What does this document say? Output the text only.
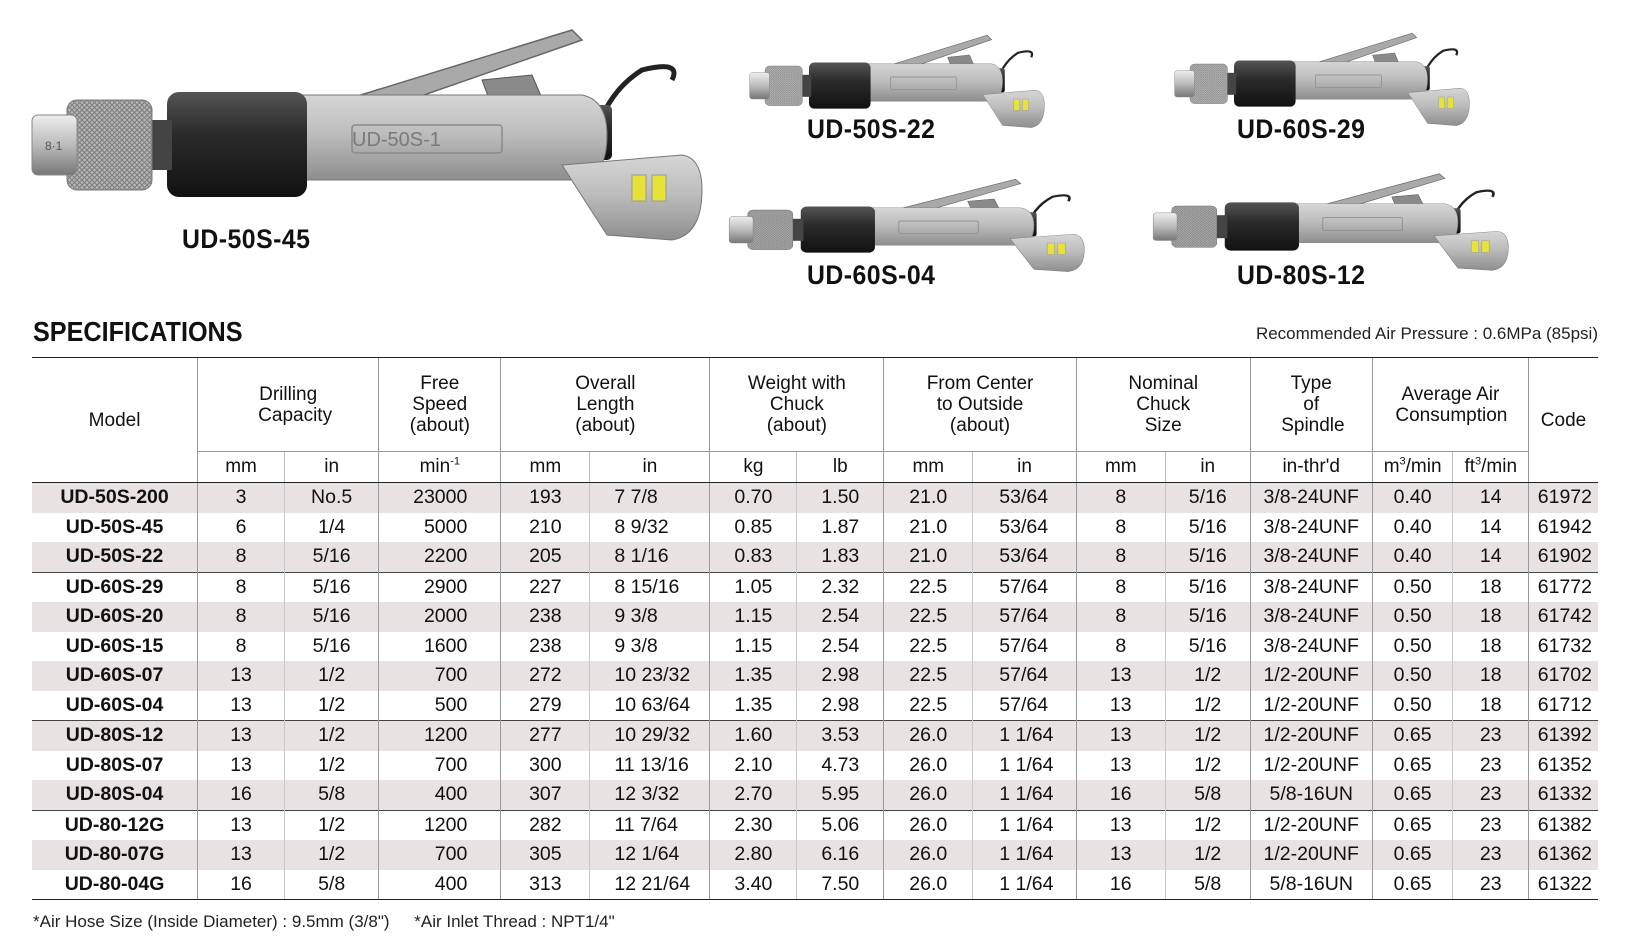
UD-50S-1
8·1
UD-50S-45
UD-50S-22	UD-60S-29
UD-60S-04	UD-80S-12
SPECIFICATIONS	Recommended Air Pressure : 0.6MPa (85psi)
Model	Drilling Capacity		Free Speed (about)	Overall Length (about)		Weight with Chuck (about)		From Center to Outside (about)		Nominal Chuck Size		Type of Spindle	Average Air Consumption		Code
	mm	in	$\min^{-1}$	mm	in	kg	lb	mm	in	mm	in	in-thr'd	$m^3/\min$	$ft^3/\min$	
UD-50S-200	3	No.5	23000	193	7 7/8	0.70	1.50	21.0	53/64	8	5/16	3/8-24UNF	0.40	14	61972
UD-50S-45	6	1/4	5000	210	8 9/32	0.85	1.87	21.0	53/64	8	5/16	3/8-24UNF	0.40	14	61942
UD-50S-22	8	5/16	2200	205	8 1/16	0.83	1.83	21.0	53/64	8	5/16	3/8-24UNF	0.40	14	61902
UD-60S-29	8	5/16	2900	227	8 15/16	1.05	2.32	22.5	57/64	8	5/16	3/8-24UNF	0.50	18	61772
UD-60S-20	8	5/16	2000	238	9 3/8	1.15	2.54	22.5	57/64	8	5/16	3/8-24UNF	0.50	18	61742
UD-60S-15	8	5/16	1600	238	9 3/8	1.15	2.54	22.5	57/64	8	5/16	3/8-24UNF	0.50	18	61732
UD-60S-07	13	1/2	700	272	10 23/32	1.35	2.98	22.5	57/64	13	1/2	1/2-20UNF	0.50	18	61702
UD-60S-04	13	1/2	500	279	10 63/64	1.35	2.98	22.5	57/64	13	1/2	1/2-20UNF	0.50	18	61712
UD-80S-12	13	1/2	1200	277	10 29/32	1.60	3.53	26.0	1 1/64	13	1/2	1/2-20UNF	0.65	23	61392
UD-80S-07	13	1/2	700	300	11 13/16	2.10	4.73	26.0	1 1/64	13	1/2	1/2-20UNF	0.65	23	61352
UD-80S-04	16	5/8	400	307	12 3/32	2.70	5.95	26.0	1 1/64	16	5/8	5/8-16UN	0.65	23	61332
UD-80-12G	13	1/2	1200	282	11 7/64	2.30	5.06	26.0	1 1/64	13	1/2	1/2-20UNF	0.65	23	61382
UD-80-07G	13	1/2	700	305	12 1/64	2.80	6.16	26.0	1 1/64	13	1/2	1/2-20UNF	0.65	23	61362
UD-80-04G	16	5/8	400	313	12 21/64	3.40	7.50	26.0	1 1/64	16	5/8	5/8-16UN	0.65	23	61322
*Air Hose Size (Inside Diameter) : 9.5mm (3/8") *Air Inlet Thread : NPT1/4"
